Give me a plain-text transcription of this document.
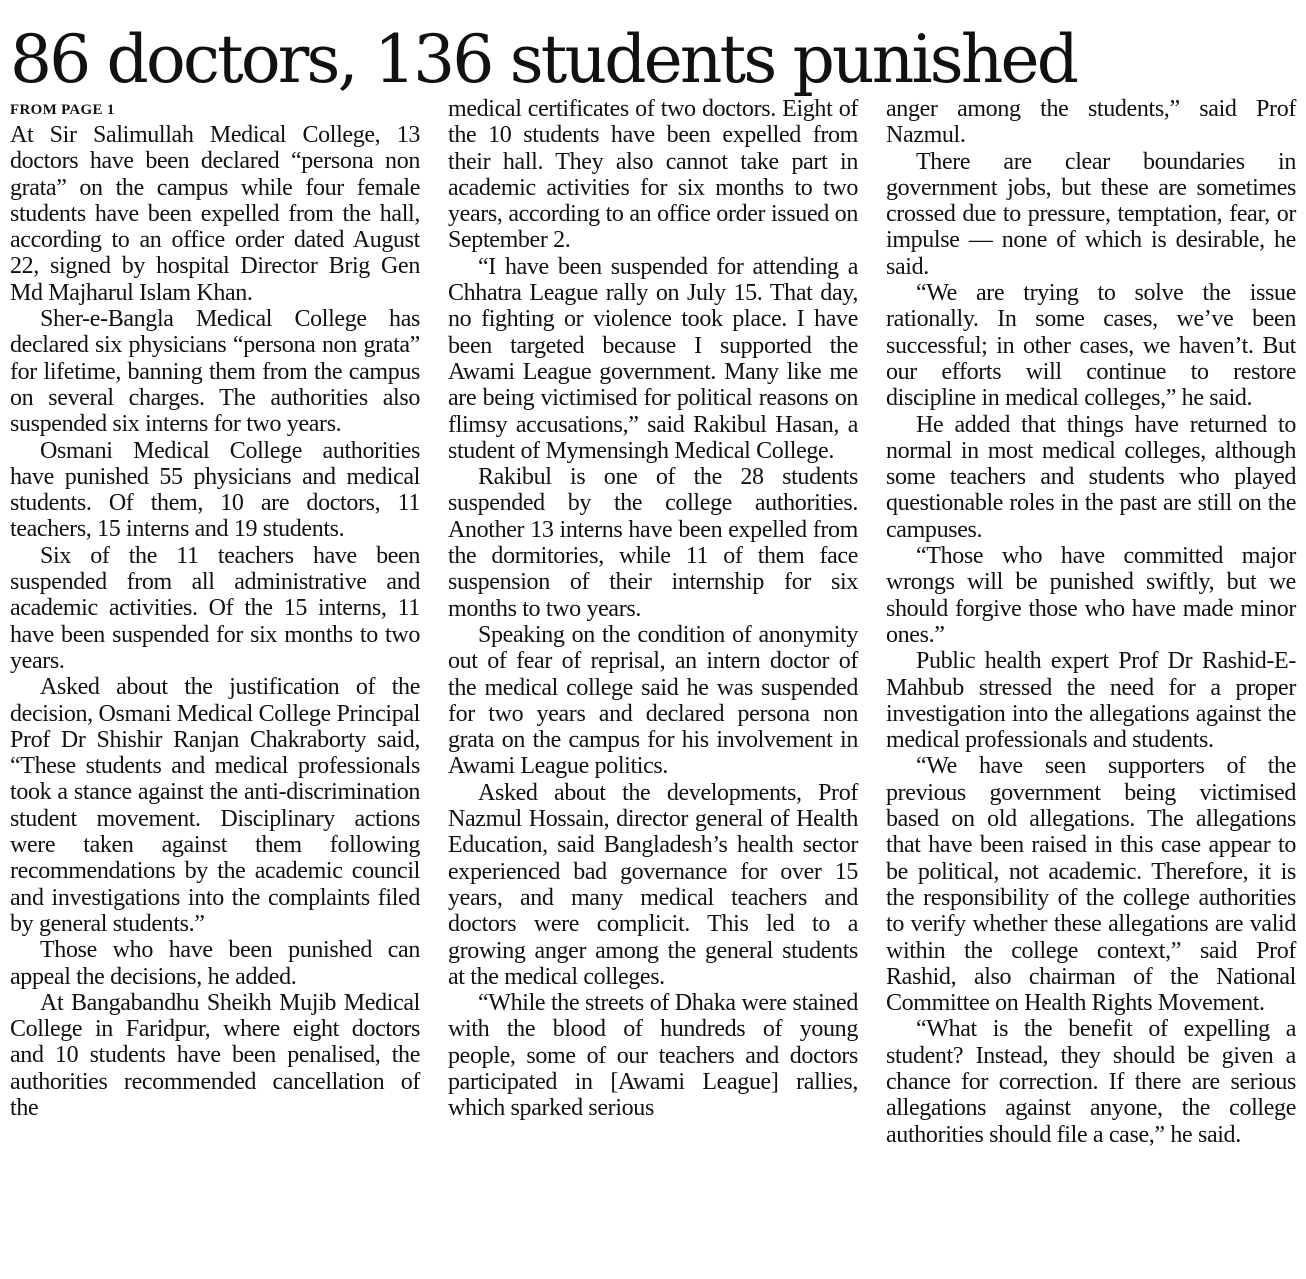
86 doctors, 136 students punished
FROM PAGE 1

At Sir Salimullah Medical College, 13 doctors have been declared “persona non grata” on the campus while four female students have been expelled from the hall, according to an office order dated August 22, signed by hospital Director Brig Gen Md Majharul Islam Khan.

Sher-e-Bangla Medical College has declared six physicians “persona non grata” for lifetime, banning them from the campus on several charges. The authorities also suspended six interns for two years.

Osmani Medical College authorities have punished 55 physicians and medical students. Of them, 10 are doctors, 11 teachers, 15 interns and 19 students.

Six of the 11 teachers have been suspended from all administrative and academic activities. Of the 15 interns, 11 have been suspended for six months to two years.

Asked about the justification of the decision, Osmani Medical College Principal Prof Dr Shishir Ranjan Chakraborty said, “These students and medical professionals took a stance against the anti-discrimination student movement. Disciplinary actions were taken against them following recommendations by the academic council and investigations into the complaints filed by general students.”

Those who have been punished can appeal the decisions, he added.

At Bangabandhu Sheikh Mujib Medical College in Faridpur, where eight doctors and 10 students have been penalised, the authorities recommended cancellation of the

medical certificates of two doctors. Eight of the 10 students have been expelled from their hall. They also cannot take part in academic activities for six months to two years, according to an office order issued on September 2.

“I have been suspended for attending a Chhatra League rally on July 15. That day, no fighting or violence took place. I have been targeted because I supported the Awami League government. Many like me are being victimised for political reasons on flimsy accusations,” said Rakibul Hasan, a student of Mymensingh Medical College.

Rakibul is one of the 28 students suspended by the college authorities. Another 13 interns have been expelled from the dormitories, while 11 of them face suspension of their internship for six months to two years.

Speaking on the condition of anonymity out of fear of reprisal, an intern doctor of the medical college said he was suspended for two years and declared persona non grata on the campus for his involvement in Awami League politics.

Asked about the developments, Prof Nazmul Hossain, director general of Health Education, said Bangladesh’s health sector experienced bad governance for over 15 years, and many medical teachers and doctors were complicit. This led to a growing anger among the general students at the medical colleges.

“While the streets of Dhaka were stained with the blood of hundreds of young people, some of our teachers and doctors participated in [Awami League] rallies, which sparked serious

anger among the students,” said Prof Nazmul.

There are clear boundaries in government jobs, but these are sometimes crossed due to pressure, temptation, fear, or impulse — none of which is desirable, he said.

“We are trying to solve the issue rationally. In some cases, we’ve been successful; in other cases, we haven’t. But our efforts will continue to restore discipline in medical colleges,” he said.

He added that things have returned to normal in most medical colleges, although some teachers and students who played questionable roles in the past are still on the campuses.

“Those who have committed major wrongs will be punished swiftly, but we should forgive those who have made minor ones.”

Public health expert Prof Dr Rashid-E-Mahbub stressed the need for a proper investigation into the allegations against the medical professionals and students.

“We have seen supporters of the previous government being victimised based on old allegations. The allegations that have been raised in this case appear to be political, not academic. Therefore, it is the responsibility of the college authorities to verify whether these allegations are valid within the college context,” said Prof Rashid, also chairman of the National Committee on Health Rights Movement.

“What is the benefit of expelling a student? Instead, they should be given a chance for correction. If there are serious allegations against anyone, the college authorities should file a case,” he said.
